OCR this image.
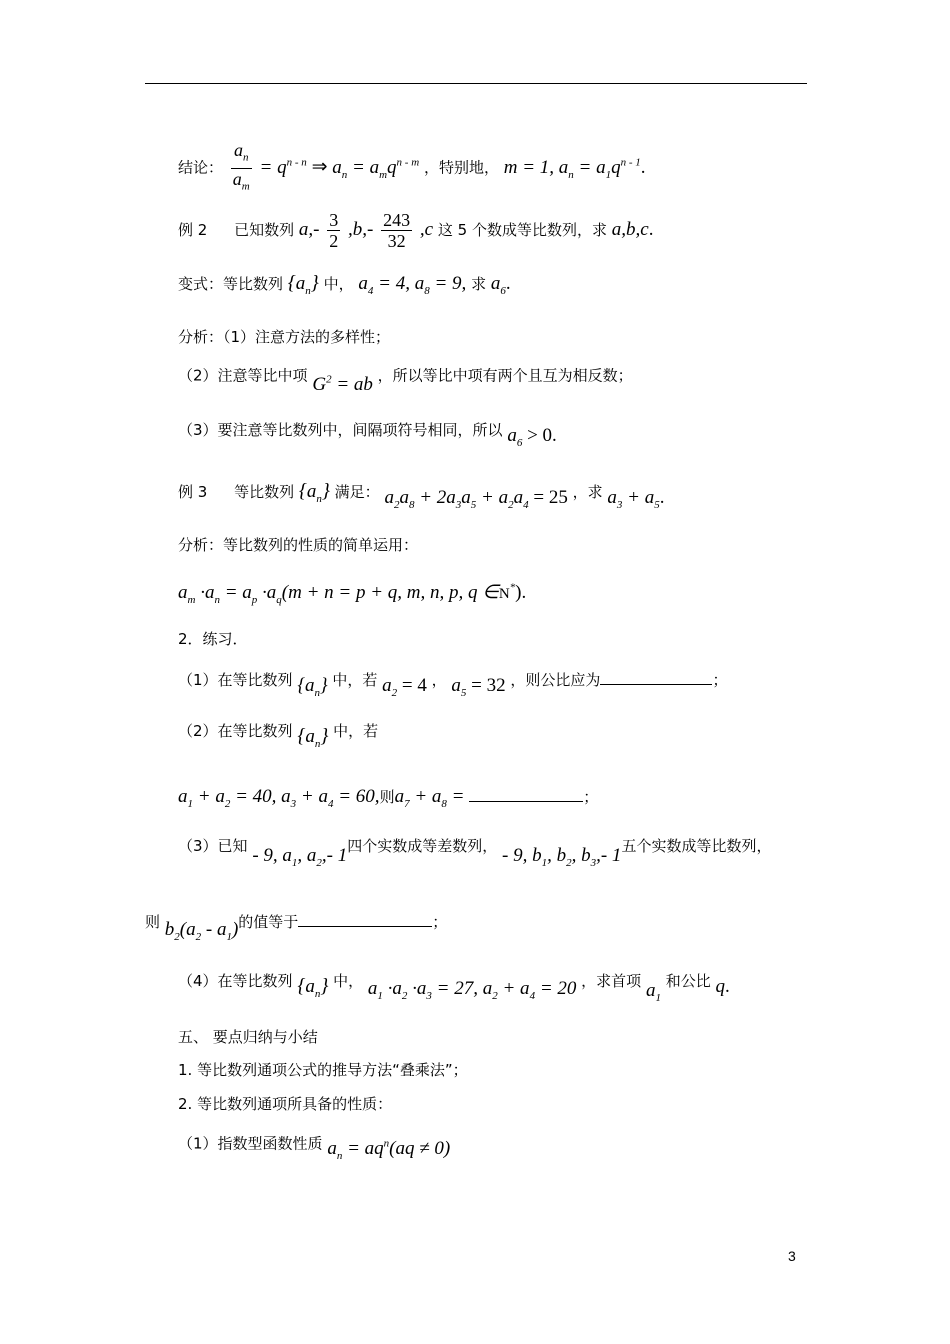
结论： $\frac{a_n}{a_m} = q^{n - n}$ ⇒ $a_n = a_mq^{n - m}$ ，特别地， m = 1, $a_n = a_1q^{n - 1}$.
例 2 已知数列 $a,- \frac{3}{2} ,b,- \frac{243}{32} ,c$ 这 5 个数成等比数列，求 a,b,c.
变式：等比数列 $\{a_n\}$ 中， $a_4 = 4$, $a_8 = 9$, 求 $a_6$.
分析：（1）注意方法的多样性；
（2）注意等比中项 $G^2$ = ab ，所以等比中项有两个且互为相反数；
（3）要注意等比数列中，间隔项符号相同，所以 $a_6 > 0$.
例 3 等比数列 $\{a_n\}$ 满足： $a_2a_8 + 2a_3a_5 + a_2a_4 = 25$ ，求 $a_3 + a_5$.
分析：等比数列的性质的简单运用：
$a_m \cdot a_n = a_p \cdot a_q(m + n = p + q$, m, n, p, q ∈N*).
2．练习．
（1）在等比数列 $\{a_n\}$ 中，若 $a_2 = 4$ ， $a_5 = 32$ ，则公比应为	；
（2）在等比数列 $\{a_n\}$ 中，若
$a_1 + a_2 = 40$, $a_3 + a_4 = 60$,则$a_7 + a_8$ =	；
（3）已知 - 9, $a_1$, $a_2,-$ 1四个实数成等差数列， - 9, $b_1$, $b_2$, $b_3,-$ 1五个实数成等比数列，
则 $b_2(a_2 - a_1)$的值等于	；
（4）在等比数列 $\{a_n\}$ 中， $a_1 \cdot a_2 \cdot a_3 = 27$, $a_2 + a_4 = 20$ ，求首项 $a_1$ 和公比 q.
五、 要点归纳与小结
1. 等比数列通项公式的推导方法“叠乘法”；
2. 等比数列通项所具备的性质：
（1）指数型函数性质 $a_n = aq^n(aq \ne 0)$
3
